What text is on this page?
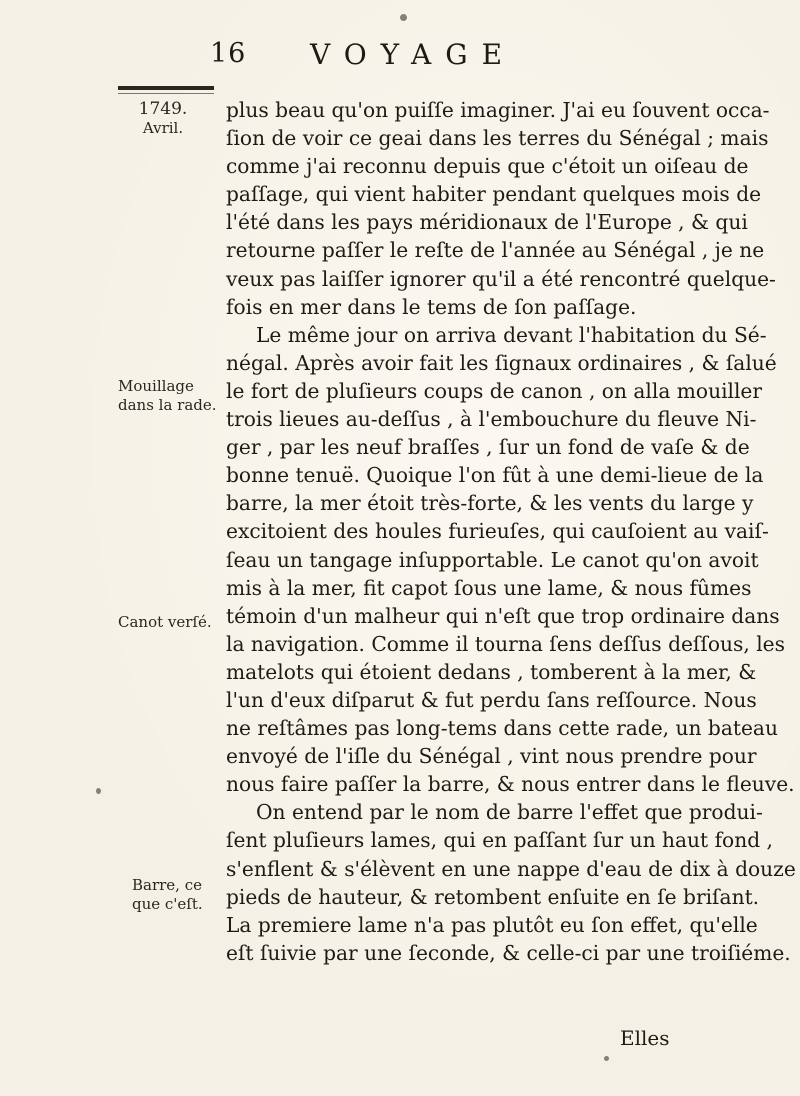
16 VOYAGE
1749.
Avril.
Mouillage
dans la rade.
Canot verſé.
Barre, ce
que c'eſt.
plus beau qu'on puiſſe imaginer. J'ai eu ſouvent occa-
ſion de voir ce geai dans les terres du Sénégal ; mais
comme j'ai reconnu depuis que c'étoit un oiſeau de
paſſage, qui vient habiter pendant quelques mois de
l'été dans les pays méridionaux de l'Europe , & qui
retourne paſſer le reſte de l'année au Sénégal , je ne
veux pas laiſſer ignorer qu'il a été rencontré quelque-
fois en mer dans le tems de ſon paſſage.
Le même jour on arriva devant l'habitation du Sé-
négal. Après avoir fait les ſignaux ordinaires , & ſalué
le fort de pluſieurs coups de canon , on alla mouiller
trois lieues au-deſſus , à l'embouchure du fleuve Ni-
ger , par les neuf braſſes , ſur un fond de vaſe & de
bonne tenuë. Quoique l'on fût à une demi-lieue de la
barre, la mer étoit très-forte, & les vents du large y
excitoient des houles furieuſes, qui cauſoient au vaiſ-
ſeau un tangage inſupportable. Le canot qu'on avoit
mis à la mer, fit capot ſous une lame, & nous fûmes
témoin d'un malheur qui n'eſt que trop ordinaire dans
la navigation. Comme il tourna ſens deſſus deſſous, les
matelots qui étoient dedans , tomberent à la mer, &
l'un d'eux diſparut & fut perdu ſans reſſource. Nous
ne reſtâmes pas long-tems dans cette rade, un bateau
envoyé de l'iſle du Sénégal , vint nous prendre pour
nous faire paſſer la barre, & nous entrer dans le fleuve.
On entend par le nom de barre l'effet que produi-
ſent pluſieurs lames, qui en paſſant ſur un haut fond ,
s'enflent & s'élèvent en une nappe d'eau de dix à douze
pieds de hauteur, & retombent enſuite en ſe briſant.
La premiere lame n'a pas plutôt eu ſon effet, qu'elle
eſt ſuivie par une ſeconde, & celle-ci par une troiſiéme.
Elles
